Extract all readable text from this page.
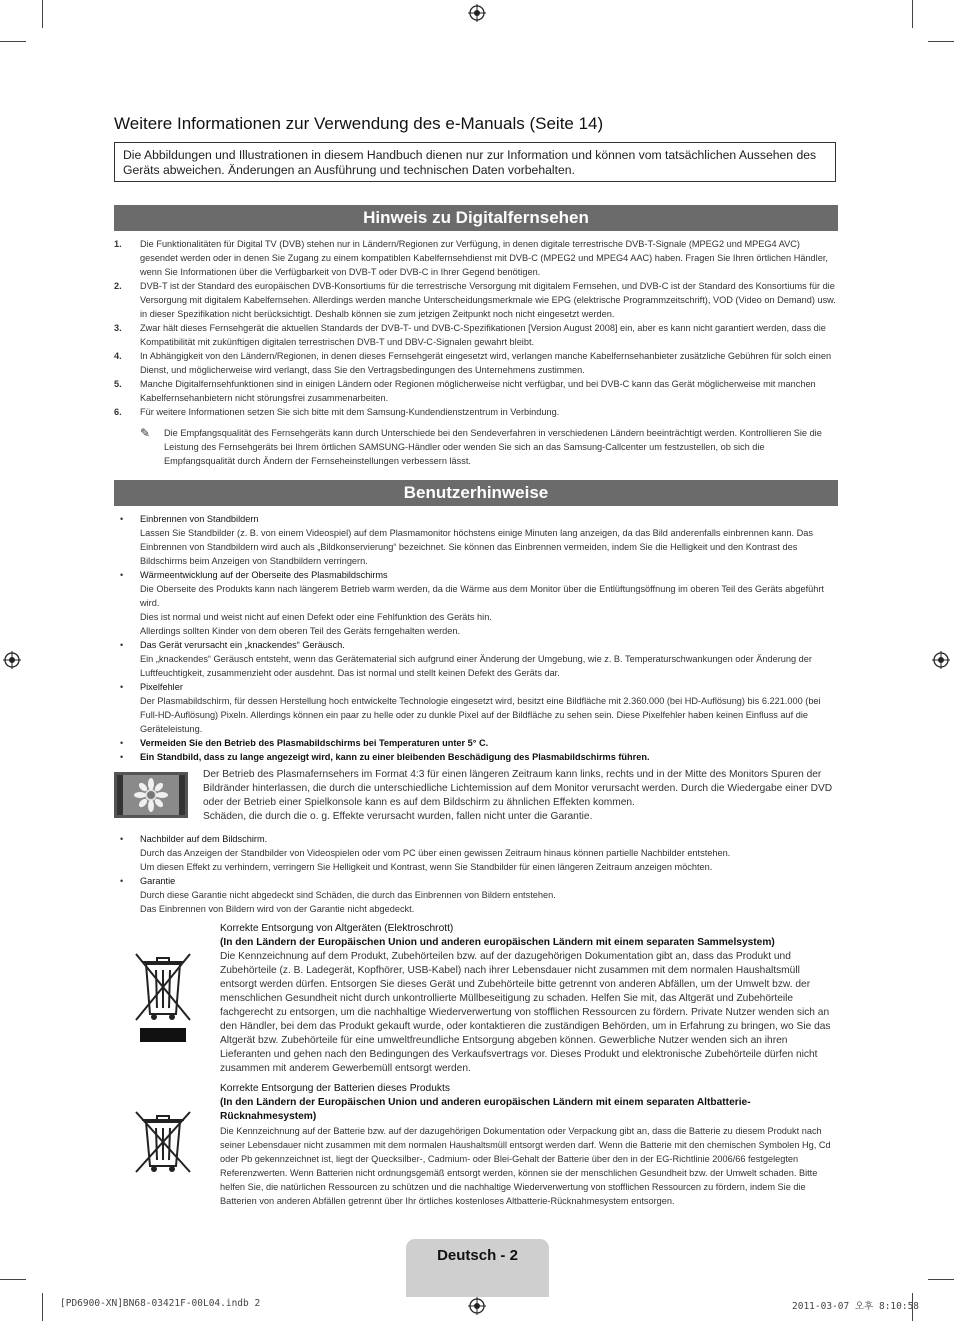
Weitere Informationen zur Verwendung des e-Manuals (Seite 14)
Die Abbildungen und Illustrationen in diesem Handbuch dienen nur zur Information und können vom tatsächlichen Aussehen des Geräts abweichen. Änderungen an Ausführung und technischen Daten vorbehalten.
Hinweis zu Digitalfernsehen
1. Die Funktionalitäten für Digital TV (DVB) stehen nur in Ländern/Regionen zur Verfügung, in denen digitale terrestrische DVB-T-Signale (MPEG2 und MPEG4 AVC) gesendet werden oder in denen Sie Zugang zu einem kompatiblen Kabelfernsehdienst mit DVB-C (MPEG2 und MPEG4 AAC) haben. Fragen Sie Ihren örtlichen Händler, wenn Sie Informationen über die Verfügbarkeit von DVB-T oder DVB-C in Ihrer Gegend benötigen.
2. DVB-T ist der Standard des europäischen DVB-Konsortiums für die terrestrische Versorgung mit digitalem Fernsehen, und DVB-C ist der Standard des Konsortiums für die Versorgung mit digitalem Kabelfernsehen. Allerdings werden manche Unterscheidungsmerkmale wie EPG (elektrische Programmzeitschrift), VOD (Video on Demand) usw. in dieser Spezifikation nicht berücksichtigt. Deshalb können sie zum jetzigen Zeitpunkt noch nicht eingesetzt werden.
3. Zwar hält dieses Fernsehgerät die aktuellen Standards der DVB-T- und DVB-C-Spezifikationen [Version August 2008] ein, aber es kann nicht garantiert werden, dass die Kompatibilität mit zukünftigen digitalen terrestrischen DVB-T und DBV-C-Signalen gewahrt bleibt.
4. In Abhängigkeit von den Ländern/Regionen, in denen dieses Fernsehgerät eingesetzt wird, verlangen manche Kabelfernsehanbieter zusätzliche Gebühren für solch einen Dienst, und möglicherweise wird verlangt, dass Sie den Vertragsbedingungen des Unternehmens zustimmen.
5. Manche Digitalfernsehfunktionen sind in einigen Ländern oder Regionen möglicherweise nicht verfügbar, und bei DVB-C kann das Gerät möglicherweise mit manchen Kabelfernsehanbietern nicht störungsfrei zusammenarbeiten.
6. Für weitere Informationen setzen Sie sich bitte mit dem Samsung-Kundendienstzentrum in Verbindung.
✎ Die Empfangsqualität des Fernsehgeräts kann durch Unterschiede bei den Sendeverfahren in verschiedenen Ländern beeinträchtigt werden. Kontrollieren Sie die Leistung des Fernsehgeräts bei Ihrem örtlichen SAMSUNG-Händler oder wenden Sie sich an das Samsung-Callcenter um festzustellen, ob sich die Empfangsqualität durch Ändern der Fernseheinstellungen verbessern lässt.
Benutzerhinweise
• Einbrennen von Standbildern
Lassen Sie Standbilder (z. B. von einem Videospiel) auf dem Plasmamonitor höchstens einige Minuten lang anzeigen, da das Bild anderenfalls einbrennen kann. Das Einbrennen von Standbildern wird auch als „Bildkonservierung“ bezeichnet. Sie können das Einbrennen vermeiden, indem Sie die Helligkeit und den Kontrast des Bildschirms beim Anzeigen von Standbildern verringern.
• Wärmeentwicklung auf der Oberseite des Plasmabildschirms
Die Oberseite des Produkts kann nach längerem Betrieb warm werden, da die Wärme aus dem Monitor über die Entlüftungsöffnung im oberen Teil des Geräts abgeführt wird.
Dies ist normal und weist nicht auf einen Defekt oder eine Fehlfunktion des Geräts hin.
Allerdings sollten Kinder von dem oberen Teil des Geräts ferngehalten werden.
• Das Gerät verursacht ein „knackendes“ Geräusch.
Ein „knackendes“ Geräusch entsteht, wenn das Gerätematerial sich aufgrund einer Änderung der Umgebung, wie z. B. Temperaturschwankungen oder Änderung der Luftfeuchtigkeit, zusammenzieht oder ausdehnt. Das ist normal und stellt keinen Defekt des Geräts dar.
• Pixelfehler
Der Plasmabildschirm, für dessen Herstellung hoch entwickelte Technologie eingesetzt wird, besitzt eine Bildfläche mit 2.360.000 (bei HD-Auflösung) bis 6.221.000 (bei Full-HD-Auflösung) Pixeln. Allerdings können ein paar zu helle oder zu dunkle Pixel auf der Bildfläche zu sehen sein. Diese Pixelfehler haben keinen Einfluss auf die Geräteleistung.
• Vermeiden Sie den Betrieb des Plasmabildschirms bei Temperaturen unter 5° C.
• Ein Standbild, dass zu lange angezeigt wird, kann zu einer bleibenden Beschädigung des Plasmabildschirms führen.
Der Betrieb des Plasmafernsehers im Format 4:3 für einen längeren Zeitraum kann links, rechts und in der Mitte des Monitors Spuren der Bildränder hinterlassen, die durch die unterschiedliche Lichtemission auf dem Monitor verursacht werden. Durch die Wiedergabe einer DVD oder der Betrieb einer Spielkonsole kann es auf dem Bildschirm zu ähnlichen Effekten kommen.
Schäden, die durch die o. g. Effekte verursacht wurden, fallen nicht unter die Garantie.
• Nachbilder auf dem Bildschirm.
Durch das Anzeigen der Standbilder von Videospielen oder vom PC über einen gewissen Zeitraum hinaus können partielle Nachbilder entstehen.
Um diesen Effekt zu verhindern, verringern Sie Helligkeit und Kontrast, wenn Sie Standbilder für einen längeren Zeitraum anzeigen möchten.
• Garantie
Durch diese Garantie nicht abgedeckt sind Schäden, die durch das Einbrennen von Bildern entstehen.
Das Einbrennen von Bildern wird von der Garantie nicht abgedeckt.
Korrekte Entsorgung von Altgeräten (Elektroschrott)
(In den Ländern der Europäischen Union und anderen europäischen Ländern mit einem separaten Sammelsystem)
Die Kennzeichnung auf dem Produkt, Zubehörteilen bzw. auf der dazugehörigen Dokumentation gibt an, dass das Produkt und Zubehörteile (z. B. Ladegerät, Kopfhörer, USB-Kabel) nach ihrer Lebensdauer nicht zusammen mit dem normalen Haushaltsmüll entsorgt werden dürfen. Entsorgen Sie dieses Gerät und Zubehörteile bitte getrennt von anderen Abfällen, um der Umwelt bzw. der menschlichen Gesundheit nicht durch unkontrollierte Müllbeseitigung zu schaden. Helfen Sie mit, das Altgerät und Zubehörteile fachgerecht zu entsorgen, um die nachhaltige Wiederverwertung von stofflichen Ressourcen zu fördern. Private Nutzer wenden sich an den Händler, bei dem das Produkt gekauft wurde, oder kontaktieren die zuständigen Behörden, um in Erfahrung zu bringen, wo Sie das Altgerät bzw. Zubehörteile für eine umweltfreundliche Entsorgung abgeben können. Gewerbliche Nutzer wenden sich an ihren Lieferanten und gehen nach den Bedingungen des Verkaufsvertrags vor. Dieses Produkt und elektronische Zubehörteile dürfen nicht zusammen mit anderem Gewerbemüll entsorgt werden.
Korrekte Entsorgung der Batterien dieses Produkts
(In den Ländern der Europäischen Union und anderen europäischen Ländern mit einem separaten Altbatterie-Rücknahmesystem)
Die Kennzeichnung auf der Batterie bzw. auf der dazugehörigen Dokumentation oder Verpackung gibt an, dass die Batterie zu diesem Produkt nach seiner Lebensdauer nicht zusammen mit dem normalen Haushaltsmüll entsorgt werden darf. Wenn die Batterie mit den chemischen Symbolen Hg, Cd oder Pb gekennzeichnet ist, liegt der Quecksilber-, Cadmium- oder Blei-Gehalt der Batterie über den in der EG-Richtlinie 2006/66 festgelegten Referenzwerten. Wenn Batterien nicht ordnungsgemäß entsorgt werden, können sie der menschlichen Gesundheit bzw. der Umwelt schaden. Bitte helfen Sie, die natürlichen Ressourcen zu schützen und die nachhaltige Wiederverwertung von stofflichen Ressourcen zu fördern, indem Sie die Batterien von anderen Abfällen getrennt über Ihr örtliches kostenloses Altbatterie-Rücknahmesystem entsorgen.
Deutsch - 2
[PD6900-XN]BN68-03421F-00L04.indb 2	2011-03-07 오후 8:10:58
